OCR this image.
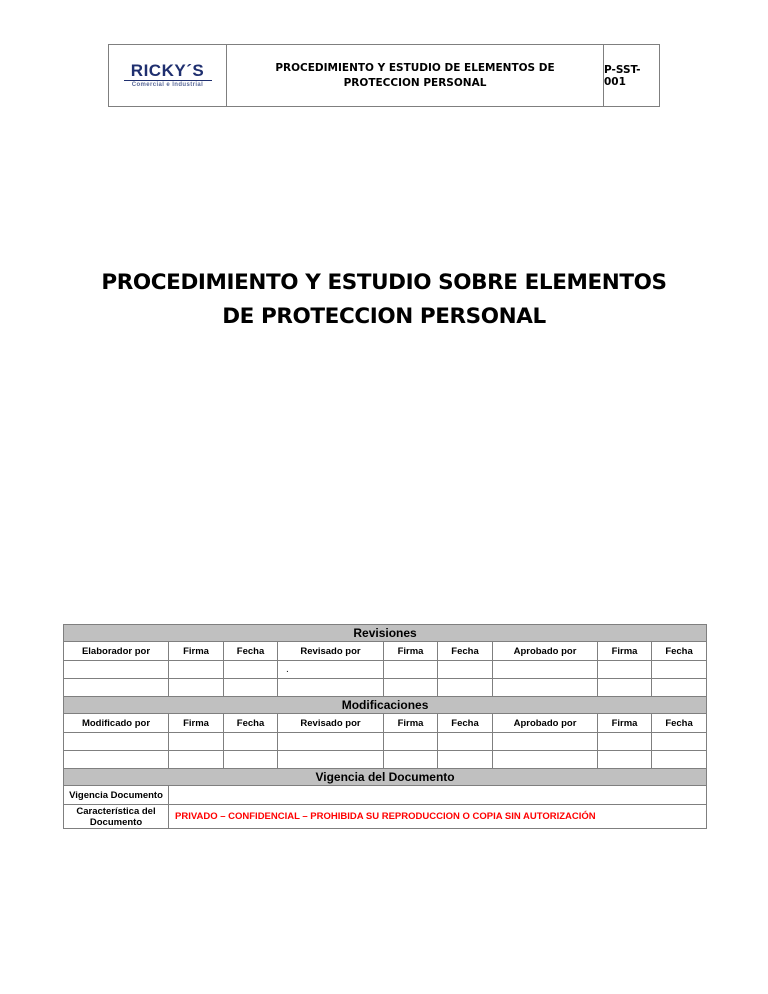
RICKY´S
Comercial e Industrial
PROCEDIMIENTO Y ESTUDIO DE ELEMENTOS DE
PROTECCION PERSONAL
P-SST-001
PROCEDIMIENTO Y ESTUDIO SOBRE ELEMENTOS
DE PROTECCION PERSONAL
Revisiones								
Elaborador por	Firma	Fecha	Revisado por	Firma	Fecha	Aprobado por	Firma	Fecha
			.					

Modificaciones								
Modificado por	Firma	Fecha	Revisado por	Firma	Fecha	Aprobado por	Firma	Fecha

Vigencia del Documento								
Vigencia Documento								

Característica del
Documento	PRIVADO – CONFIDENCIAL – PROHIBIDA SU REPRODUCCION O COPIA SIN AUTORIZACIÓN							
